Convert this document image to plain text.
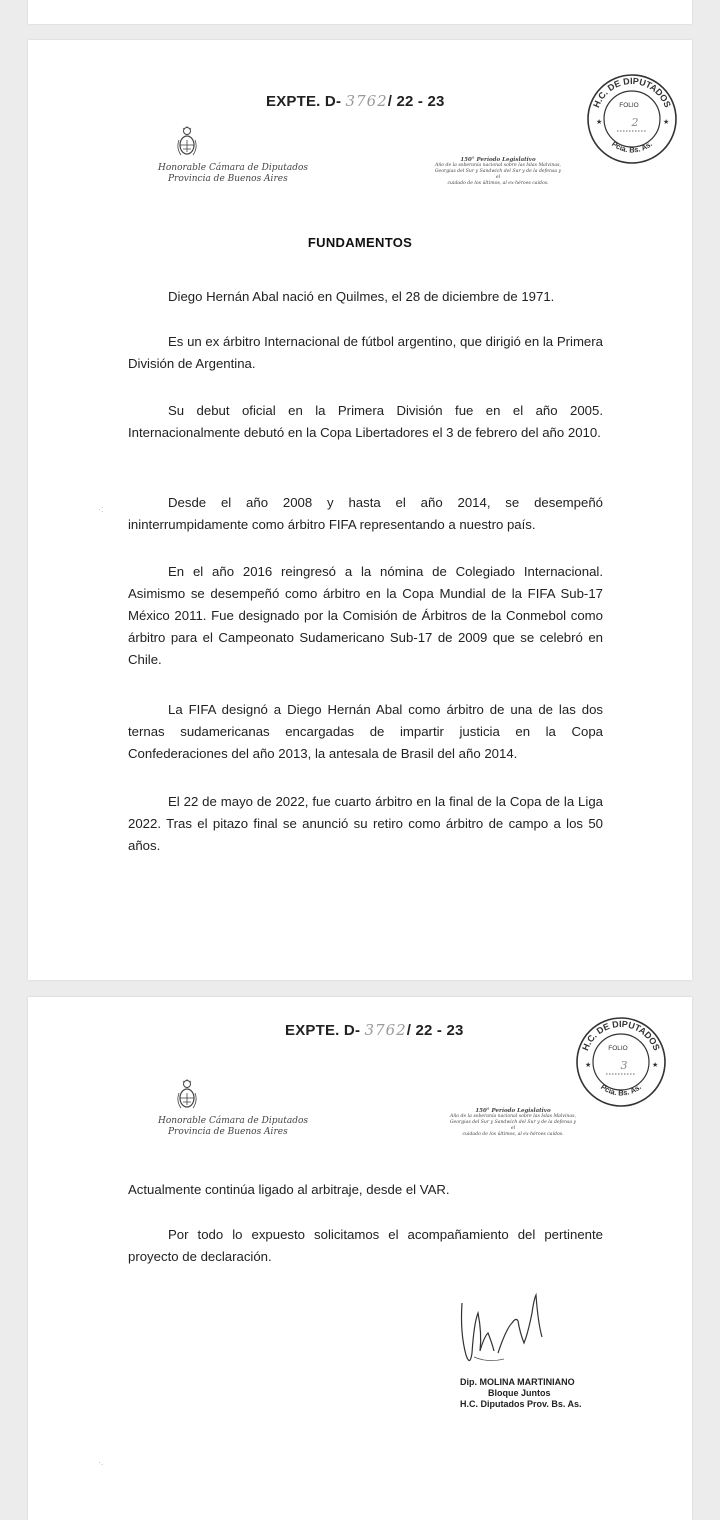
EXPTE. D- 3762/ 22 - 23
Honorable Cámara de Diputados
Provincia de Buenos Aires
150° Período Legislativo
Año de la soberanía nacional sobre las Islas Malvinas,
Georgias del Sur y Sandwich del Sur y de la defensa y el
cuidado de los últimos, al ex-héroes caídos.
H.C. DE DIPUTADOS
Pcia. Bs. As.
FOLIO
2
★	★
FUNDAMENTOS

Diego Hernán Abal nació en Quilmes, el 28 de diciembre de 1971.

Es un ex árbitro Internacional de fútbol argentino, que dirigió en la Primera División de Argentina.

Su debut oficial en la Primera División fue en el año 2005. Internacionalmente debutó en la Copa Libertadores el 3 de febrero del año 2010.

Desde el año 2008 y hasta el año 2014, se desempeñó ininterrumpidamente como árbitro FIFA representando a nuestro país.

En el año 2016 reingresó a la nómina de Colegiado Internacional. Asimismo se desempeñó como árbitro en la Copa Mundial de la FIFA Sub-17 México 2011. Fue designado por la Comisión de Árbitros de la Conmebol como árbitro para el Campeonato Sudamericano Sub-17 de 2009 que se celebró en Chile.

La FIFA designó a Diego Hernán Abal como árbitro de una de las dos ternas sudamericanas encargadas de impartir justicia en la Copa Confederaciones del año 2013, la antesala de Brasil del año 2014.

El 22 de mayo de 2022, fue cuarto árbitro en la final de la Copa de la Liga 2022. Tras el pitazo final se anunció su retiro como árbitro de campo a los 50 años.

·:
EXPTE. D- 3762/ 22 - 23
Honorable Cámara de Diputados
Provincia de Buenos Aires
150° Período Legislativo
Año de la soberanía nacional sobre las Islas Malvinas,
Georgias del Sur y Sandwich del Sur y de la defensa y el
cuidado de los últimos, al ex-héroes caídos.
H.C. DE DIPUTADOS
Pcia. Bs. As.
FOLIO
3
★	★

Actualmente continúa ligado al arbitraje, desde el VAR.

Por todo lo expuesto solicitamos el acompañamiento del pertinente proyecto de declaración.

Dip. MOLINA MARTINIANO
Bloque Juntos
H.C. Diputados Prov. Bs. As.
·.
